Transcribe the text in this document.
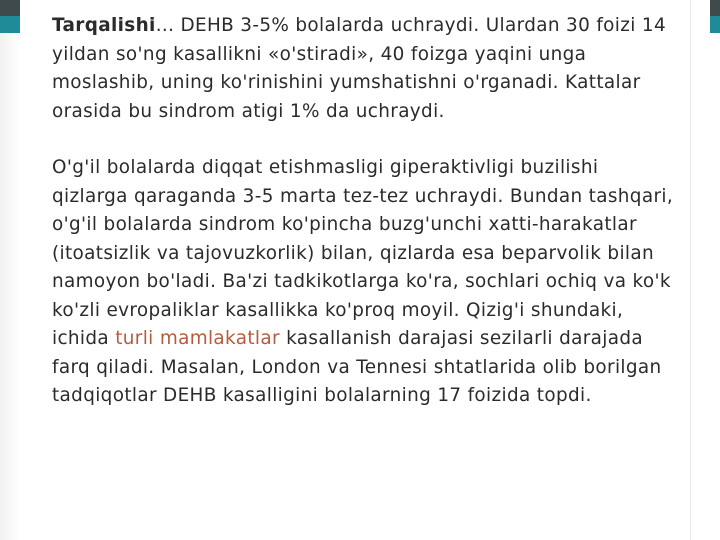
Tarqalishi... DEHB 3-5% bolalarda uchraydi. Ulardan 30 foizi 14 yildan so'ng kasallikni «o'stiradi», 40 foizga yaqini unga moslashib, uning ko'rinishini yumshatishni o'rganadi. Kattalar orasida bu sindrom atigi 1% da uchraydi.

O'g'il bolalarda diqqat etishmasligi giperaktivligi buzilishi qizlarga qaraganda 3-5 marta tez-tez uchraydi. Bundan tashqari, o'g'il bolalarda sindrom ko'pincha buzg'unchi xatti-harakatlar (itoatsizlik va tajovuzkorlik) bilan, qizlarda esa beparvolik bilan namoyon bo'ladi. Ba'zi tadkikotlarga ko'ra, sochlari ochiq va ko'k ko'zli evropaliklar kasallikka ko'proq moyil. Qizig'i shundaki, ichida turli mamlakatlar kasallanish darajasi sezilarli darajada farq qiladi. Masalan, London va Tennesi shtatlarida olib borilgan tadqiqotlar DEHB kasalligini bolalarning 17 foizida topdi.
